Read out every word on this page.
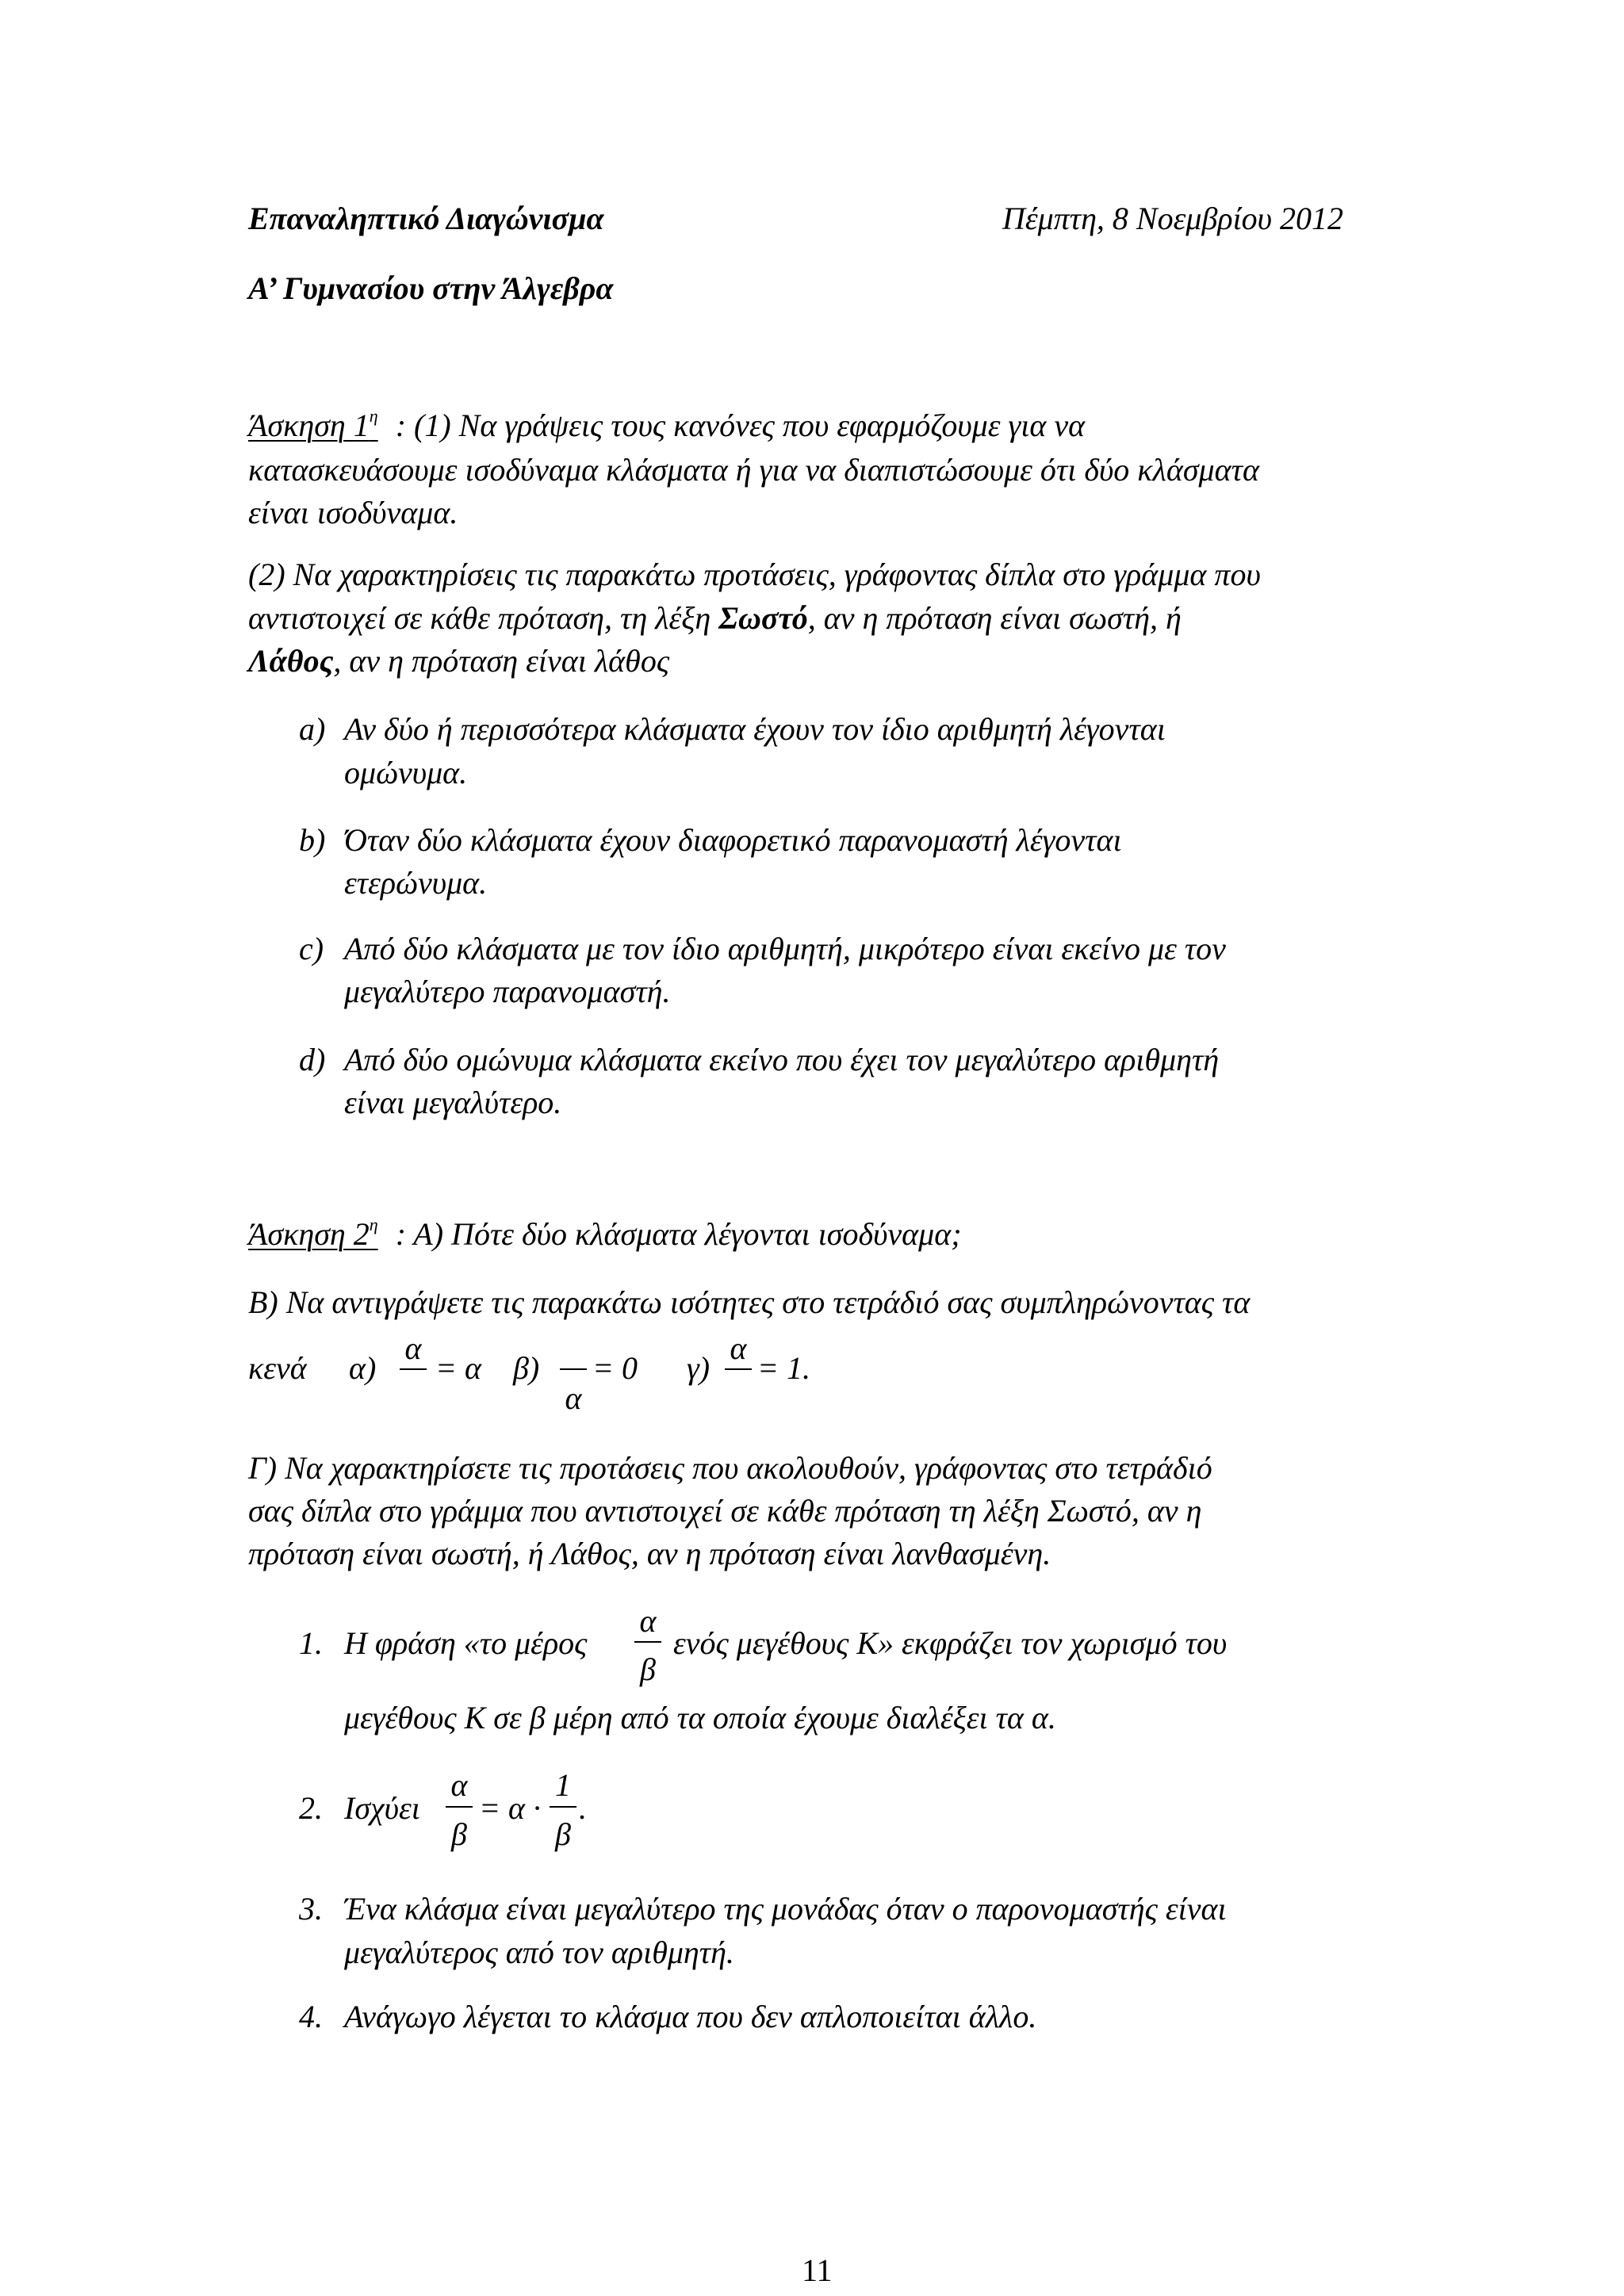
Επαναληπτικό Διαγώνισμα	Πέμπτη, 8 Νοεμβρίου 2012
Α’ Γυμνασίου στην Άλγεβρα
Άσκηση $1^\eta$ : (1) Να γράψεις τους κανόνες που εφαρμόζουμε για να
κατασκευάσουμε ισοδύναμα κλάσματα ή για να διαπιστώσουμε ότι δύο κλάσματα
είναι ισοδύναμα.
(2) Να χαρακτηρίσεις τις παρακάτω προτάσεις, γράφοντας δίπλα στο γράμμα που
αντιστοιχεί σε κάθε πρόταση, τη λέξη Σωστό, αν η πρόταση είναι σωστή, ή
Λάθος, αν η πρόταση είναι λάθος
a) Αν δύο ή περισσότερα κλάσματα έχουν τον ίδιο αριθμητή λέγονται
ομώνυμα.
b) Όταν δύο κλάσματα έχουν διαφορετικό παρανομαστή λέγονται
ετερώνυμα.
c) Από δύο κλάσματα με τον ίδιο αριθμητή, μικρότερο είναι εκείνο με τον
μεγαλύτερο παρανομαστή.
d) Από δύο ομώνυμα κλάσματα εκείνο που έχει τον μεγαλύτερο αριθμητή
είναι μεγαλύτερο.
Άσκηση $2^\eta$ : Α) Πότε δύο κλάσματα λέγονται ισοδύναμα;
Β) Να αντιγράψετε τις παρακάτω ισότητες στο τετράδιό σας συμπληρώνοντας τα
κενά α)
α
= α β)
α
= 0 γ)
α
= 1.
Γ) Να χαρακτηρίσετε τις προτάσεις που ακολουθούν, γράφοντας στο τετράδιό
σας δίπλα στο γράμμα που αντιστοιχεί σε κάθε πρόταση τη λέξη Σωστό, αν η
πρόταση είναι σωστή, ή Λάθος, αν η πρόταση είναι λανθασμένη.
1. Η φράση «το μέρος
α
β
ενός μεγέθους Κ» εκφράζει τον χωρισμό του
μεγέθους Κ σε β μέρη από τα οποία έχουμε διαλέξει τα α.
2. Ισχύει
α
β
= α ·
1
β
.
3. Ένα κλάσμα είναι μεγαλύτερο της μονάδας όταν ο παρονομαστής είναι
μεγαλύτερος από τον αριθμητή.
4. Ανάγωγο λέγεται το κλάσμα που δεν απλοποιείται άλλο.
11
